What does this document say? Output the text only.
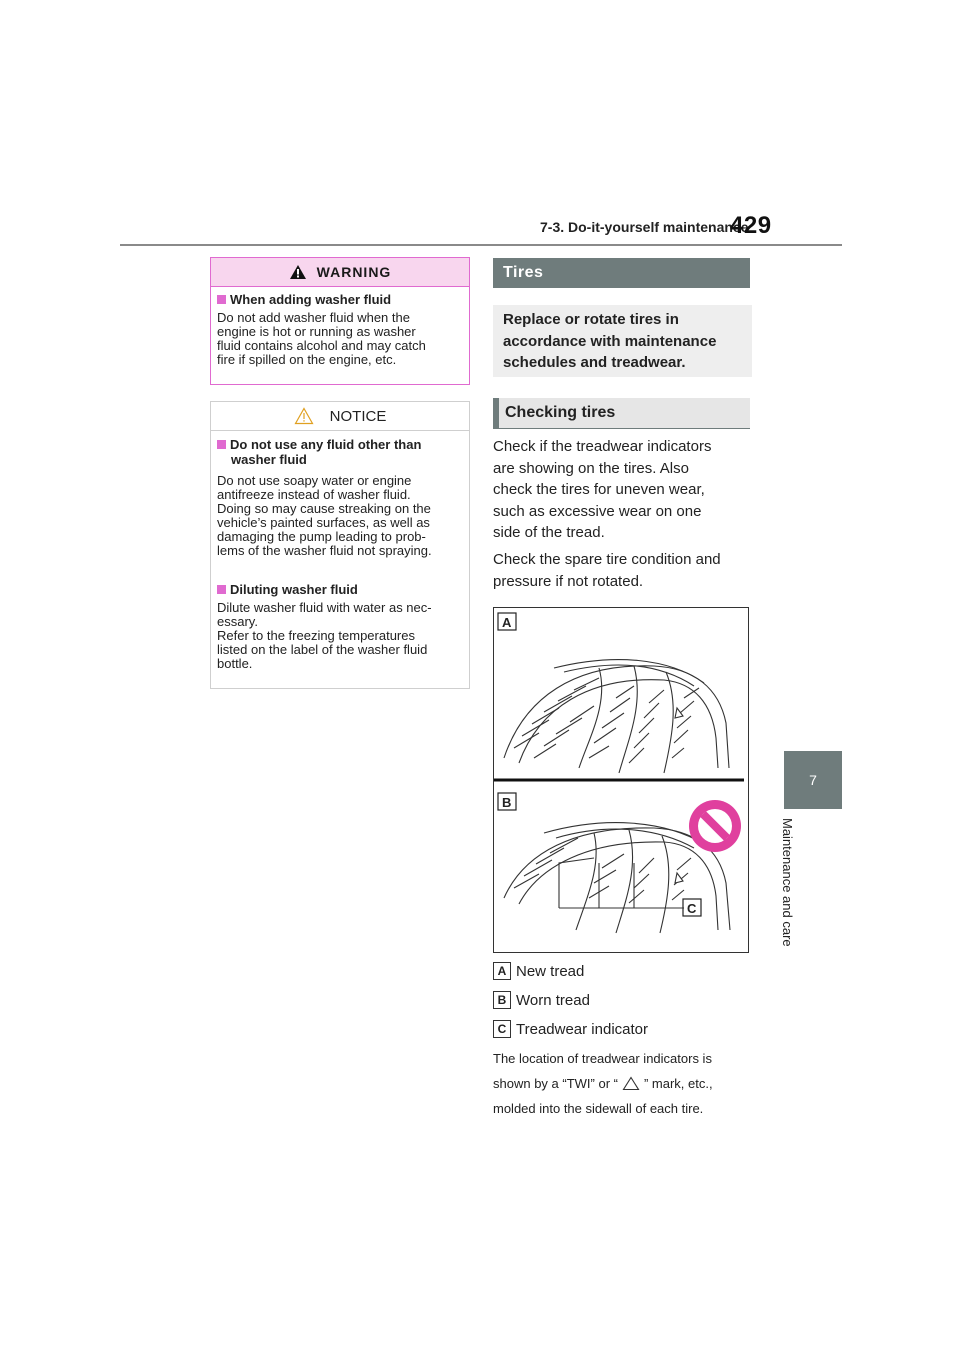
7-3. Do-it-yourself maintenance
429
7
Maintenance and care
WARNING
When adding washer fluid
Do not add washer fluid when the
engine is hot or running as washer
fluid contains alcohol and may catch
fire if spilled on the engine, etc.
NOTICE
Do not use any fluid other than
washer fluid
Do not use soapy water or engine
antifreeze instead of washer fluid.
Doing so may cause streaking on the
vehicle’s painted surfaces, as well as
damaging the pump leading to prob-
lems of the washer fluid not spraying.
Diluting washer fluid
Dilute washer fluid with water as nec-
essary.
Refer to the freezing temperatures
listed on the label of the washer fluid
bottle.
Tires
Replace or rotate tires in
accordance with maintenance
schedules and treadwear.
Checking tires
Check if the treadwear indicators
are showing on the tires. Also
check the tires for uneven wear,
such as excessive wear on one
side of the tread.
Check the spare tire condition and
pressure if not rotated.
A
B
C
A New tread
B Worn tread
C Treadwear indicator
The location of treadwear indicators is
shown by a “TWI” or “ ” mark, etc.,
molded into the sidewall of each tire.
